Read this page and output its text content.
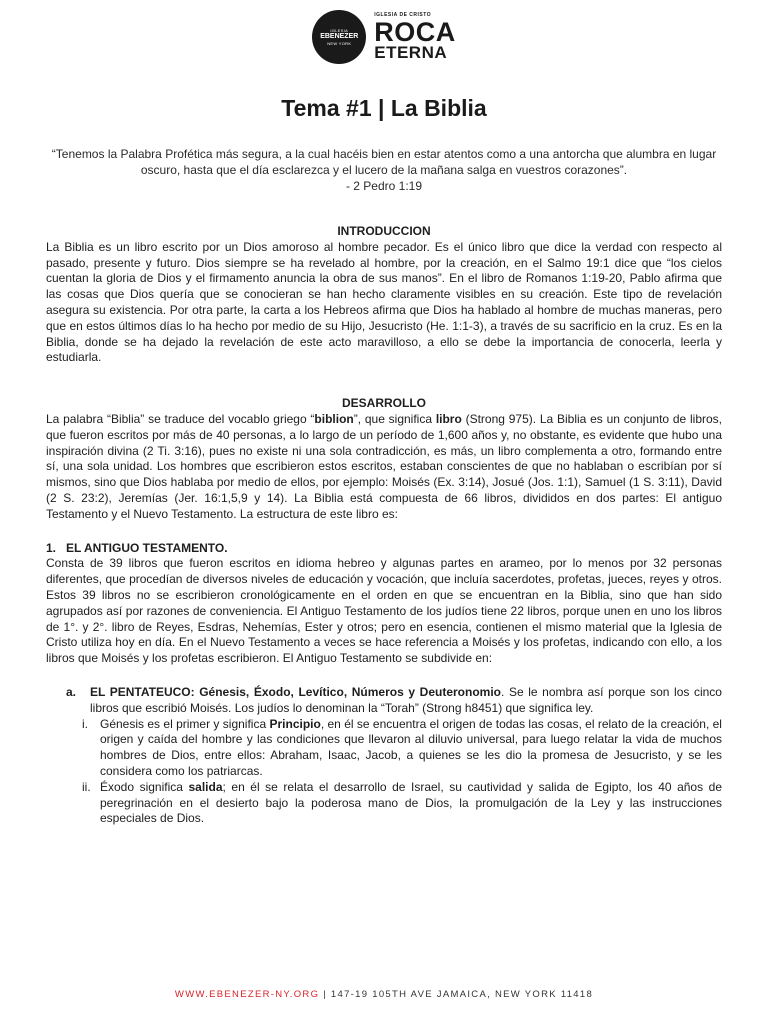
IGLESIA
EBENEZER
NEW YORK
IGLESIA DE CRISTO
ROCA
ETERNA
Tema #1 | La Biblia
“Tenemos la Palabra Profética más segura, a la cual hacéis bien en estar atentos como a una antorcha que alumbra en lugar oscuro, hasta que el día esclarezca y el lucero de la mañana salga en vuestros corazones”.
- 2 Pedro 1:19
INTRODUCCION

La Biblia es un libro escrito por un Dios amoroso al hombre pecador. Es el único libro que dice la verdad con respecto al pasado, presente y futuro. Dios siempre se ha revelado al hombre, por la creación, en el Salmo 19:1 dice que “los cielos cuentan la gloria de Dios y el firmamento anuncia la obra de sus manos”. En el libro de Romanos 1:19-20, Pablo afirma que las cosas que Dios quería que se conocieran se han hecho claramente visibles en su creación. Este tipo de revelación asegura su existencia. Por otra parte, la carta a los Hebreos afirma que Dios ha hablado al hombre de muchas maneras, pero que en estos últimos días lo ha hecho por medio de su Hijo, Jesucristo (He. 1:1-3), a través de su sacrificio en la cruz. Es en la Biblia, donde se ha dejado la revelación de este acto maravilloso, a ello se debe la importancia de conocerla, leerla y estudiarla.

DESARROLLO

La palabra “Biblia” se traduce del vocablo griego “biblion”, que significa libro (Strong 975). La Biblia es un conjunto de libros, que fueron escritos por más de 40 personas, a lo largo de un período de 1,600 años y, no obstante, es evidente que hubo una inspiración divina (2 Ti. 3:16), pues no existe ni una sola contradicción, es más, un libro complementa a otro, formando entre sí, una sola unidad. Los hombres que escribieron estos escritos, estaban conscientes de que no hablaban o escribían por sí mismos, sino que Dios hablaba por medio de ellos, por ejemplo: Moisés (Ex. 3:14), Josué (Jos. 1:1), Samuel (1 S. 3:11), David (2 S. 23:2), Jeremías (Jer. 16:1,5,9 y 14). La Biblia está compuesta de 66 libros, divididos en dos partes: El antiguo Testamento y el Nuevo Testamento. La estructura de este libro es:

1. EL ANTIGUO TESTAMENTO.

Consta de 39 libros que fueron escritos en idioma hebreo y algunas partes en arameo, por lo menos por 32 personas diferentes, que procedían de diversos niveles de educación y vocación, que incluía sacerdotes, profetas, jueces, reyes y otros. Estos 39 libros no se escribieron cronológicamente en el orden en que se encuentran en la Biblia, sino que han sido agrupados así por razones de conveniencia. El Antiguo Testamento de los judíos tiene 22 libros, porque unen en uno los libros de 1°. y 2°. libro de Reyes, Esdras, Nehemías, Ester y otros; pero en esencia, contienen el mismo material que la Iglesia de Cristo utiliza hoy en día. En el Nuevo Testamento a veces se hace referencia a Moisés y los profetas, indicando con ello, a los libros que Moisés y los profetas escribieron. El Antiguo Testamento se subdivide en:

a.	EL PENTATEUCO: Génesis, Éxodo, Levítico, Números y Deuteronomio. Se le nombra así porque son los cinco libros que escribió Moisés. Los judíos lo denominan la “Torah” (Strong h8451) que significa ley.

i.	Génesis es el primer y significa Principio, en él se encuentra el origen de todas las cosas, el relato de la creación, el origen y caída del hombre y las condiciones que llevaron al diluvio universal, para luego relatar la vida de muchos hombres de Dios, entre ellos: Abraham, Isaac, Jacob, a quienes se les dio la promesa de Jesucristo, y se les considera como los patriarcas.

ii. Éxodo significa salida; en él se relata el desarrollo de Israel, su cautividad y salida de Egipto, los 40 años de peregrinación en el desierto bajo la poderosa mano de Dios, la promulgación de la Ley y las instrucciones especiales de Dios.

WWW.EBENEZER-NY.ORG | 147-19 105TH AVE JAMAICA, NEW YORK 11418
